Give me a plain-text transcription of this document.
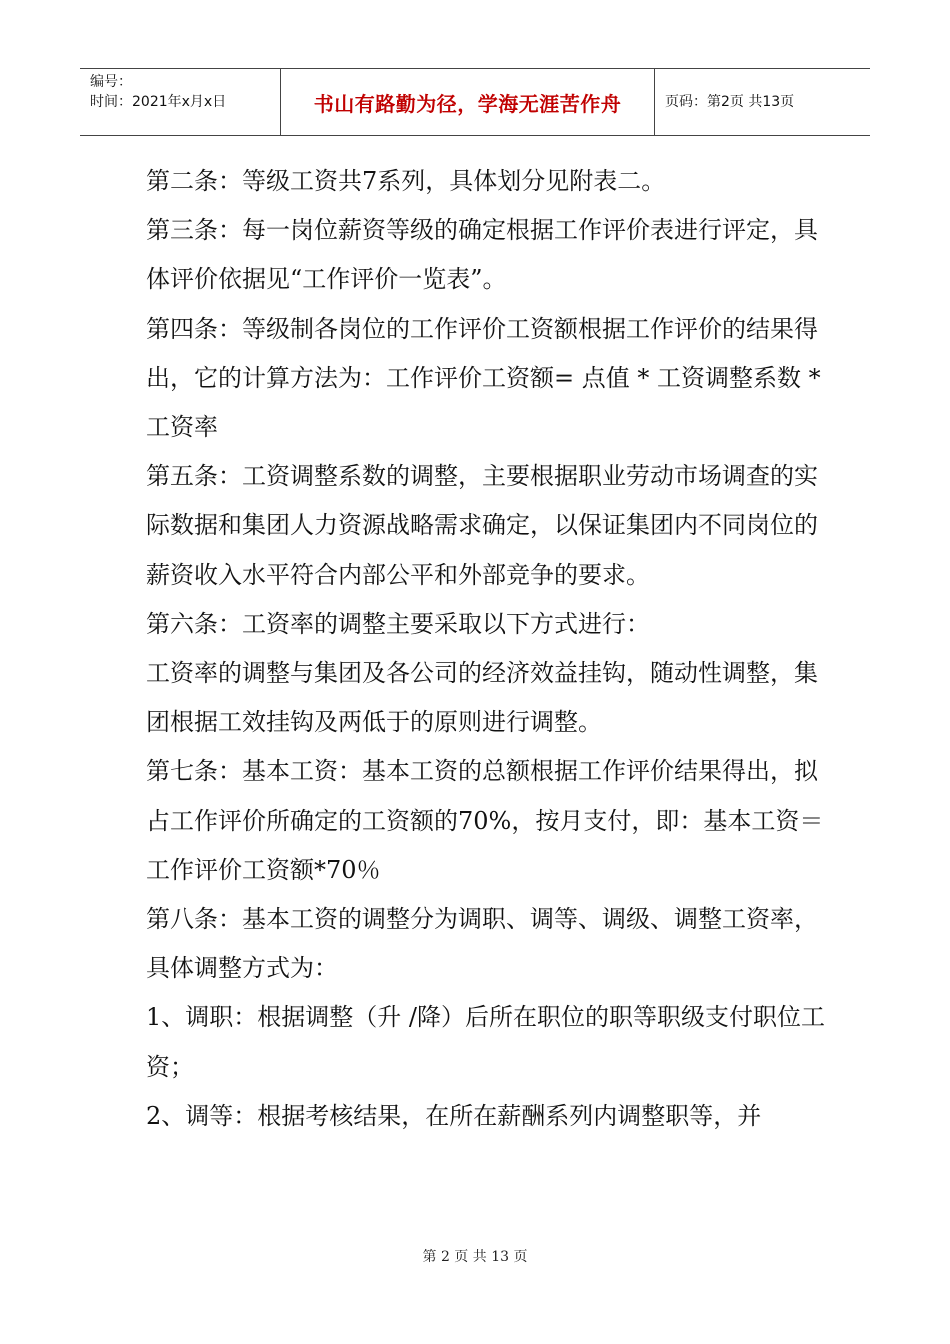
编号：
时间：2021年x月x日	书山有路勤为径，学海无涯苦作舟	页码：第2页 共13页

第二条：等级工资共7系列，具体划分见附表二。

第三条：每一岗位薪资等级的确定根据工作评价表进行评定，具体评价依据见“工作评价一览表”。

第四条：等级制各岗位的工作评价工资额根据工作评价的结果得出，它的计算方法为：工作评价工资额= 点值 * 工资调整系数 * 工资率

第五条：工资调整系数的调整，主要根据职业劳动市场调查的实际数据和集团人力资源战略需求确定，以保证集团内不同岗位的薪资收入水平符合内部公平和外部竞争的要求。

第六条：工资率的调整主要采取以下方式进行：

工资率的调整与集团及各公司的经济效益挂钩，随动性调整，集团根据工效挂钩及两低于的原则进行调整。

第七条：基本工资：基本工资的总额根据工作评价结果得出，拟占工作评价所确定的工资额的70%，按月支付，即：基本工资＝工作评价工资额*70％

第八条：基本工资的调整分为调职、调等、调级、调整工资率，具体调整方式为：

1、调职：根据调整（升 /降）后所在职位的职等职级支付职位工资；

2、调等：根据考核结果，在所在薪酬系列内调整职等，并

第 2 页 共 13 页
